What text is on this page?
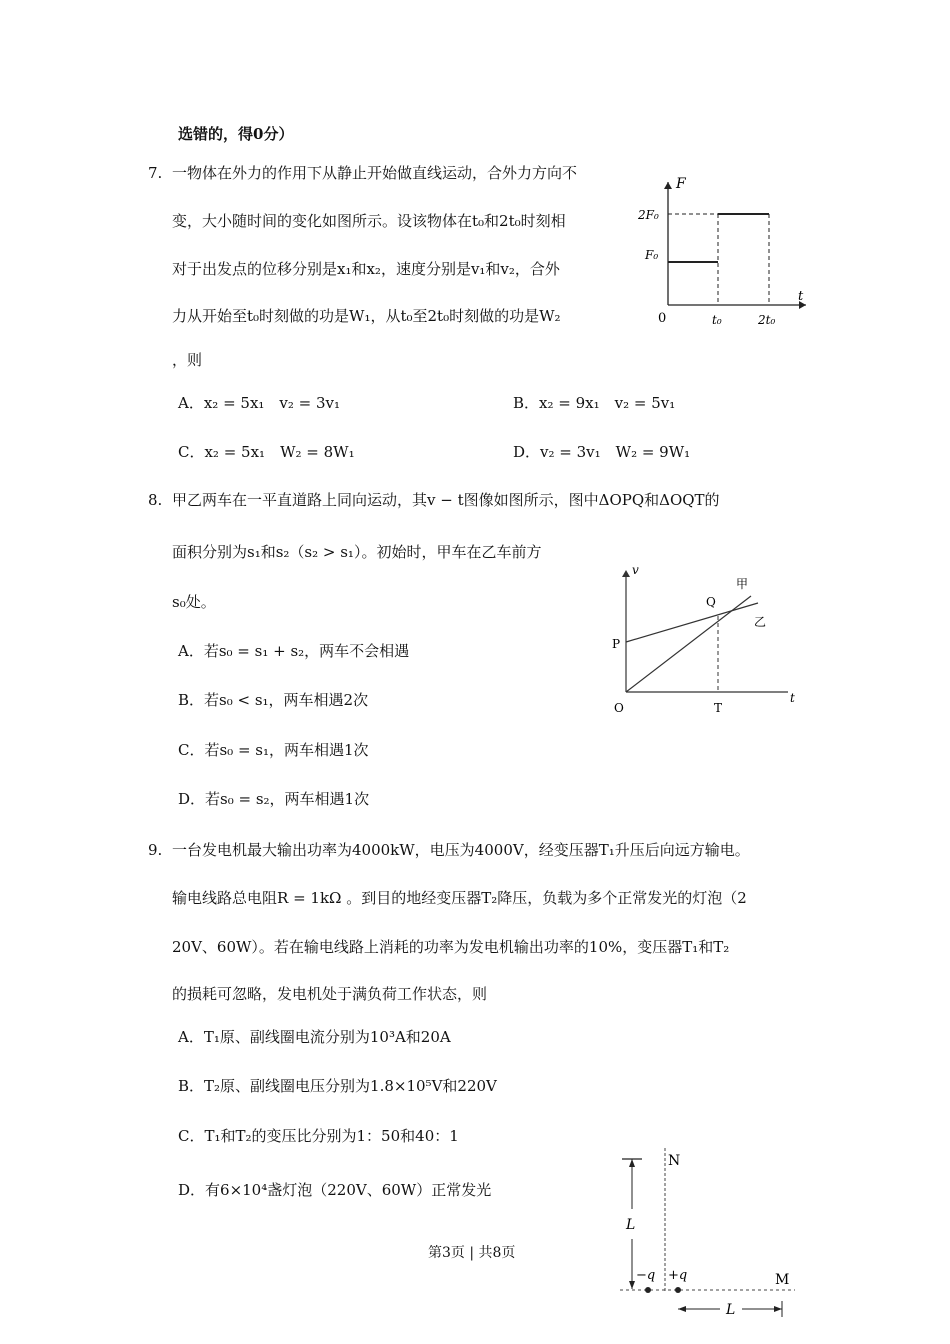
选错的，得0分）
7. 一物体在外力的作用下从静止开始做直线运动，合外力方向不
变，大小随时间的变化如图所示。设该物体在t₀和2t₀时刻相
对于出发点的位移分别是x₁和x₂，速度分别是v₁和v₂，合外
力从开始至t₀时刻做的功是W₁，从t₀至2t₀时刻做的功是W₂
，则
A．x₂ = 5x₁　v₂ = 3v₁	B．x₂ = 9x₁　v₂ = 5v₁
C．x₂ = 5x₁　W₂ = 8W₁	D．v₂ = 3v₁　W₂ = 9W₁
F
t
0
2F₀
F₀
t₀	2t₀
8. 甲乙两车在一平直道路上同向运动，其v − t图像如图所示，图中ΔOPQ和ΔOQT的
面积分别为s₁和s₂（s₂ > s₁）。初始时，甲车在乙车前方
s₀处。
A．若s₀ = s₁ + s₂，两车不会相遇
B．若s₀ < s₁，两车相遇2次
C．若s₀ = s₁，两车相遇1次
D．若s₀ = s₂，两车相遇1次
v
t
O
P
Q
T
甲
乙
9. 一台发电机最大输出功率为4000kW，电压为4000V，经变压器T₁升压后向远方输电。
输电线路总电阻R = 1kΩ 。到目的地经变压器T₂降压，负载为多个正常发光的灯泡（2
20V、60W）。若在输电线路上消耗的功率为发电机输出功率的10%，变压器T₁和T₂
的损耗可忽略，发电机处于满负荷工作状态，则
A．T₁原、副线圈电流分别为10³A和20A
B．T₂原、副线圈电压分别为1.8×10⁵V和220V
C．T₁和T₂的变压比分别为1：50和40：1
D．有6×10⁴盏灯泡（220V、60W）正常发光
N
M
L
L
−q +q
第3页 | 共8页
